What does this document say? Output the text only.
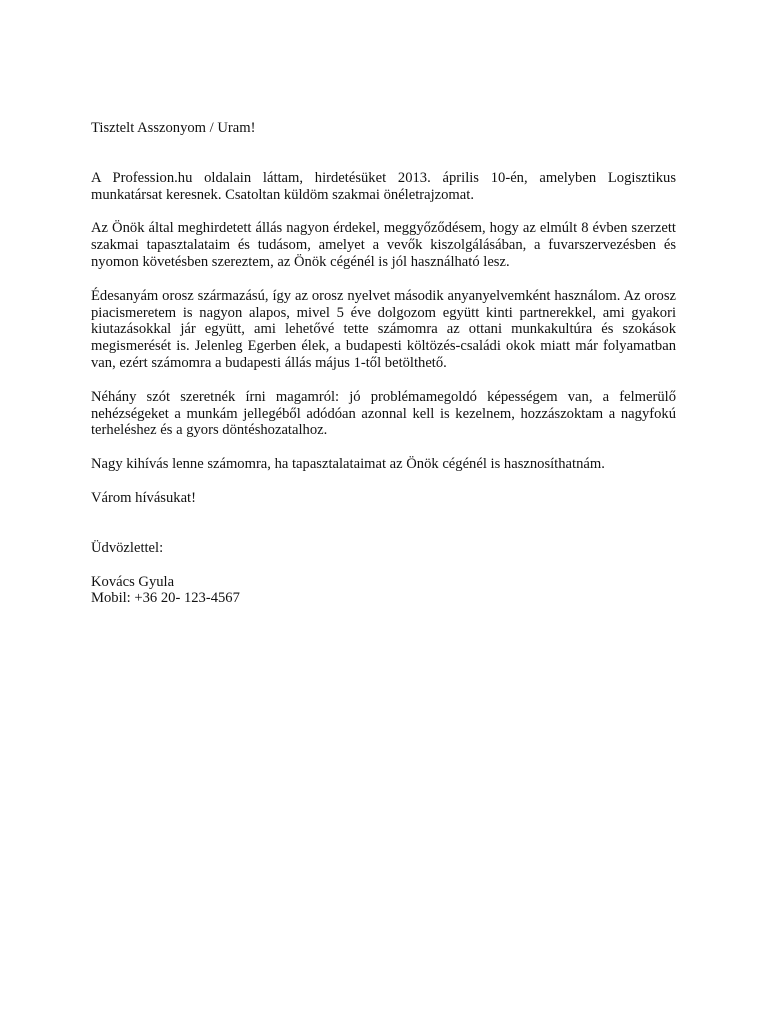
Tisztelt Asszonyom / Uram!

A Profession.hu oldalain láttam, hirdetésüket 2013. április 10-én, amelyben Logisztikus munkatársat keresnek. Csatoltan küldöm szakmai önéletrajzomat.

Az Önök által meghirdetett állás nagyon érdekel, meggyőződésem, hogy az elmúlt 8 évben szerzett szakmai tapasztalataim és tudásom, amelyet a vevők kiszolgálásában, a fuvarszervezésben és nyomon követésben szereztem, az Önök cégénél is jól használható lesz.

Édesanyám orosz származású, így az orosz nyelvet második anyanyelvemként használom. Az orosz piacismeretem is nagyon alapos, mivel 5 éve dolgozom együtt kinti partnerekkel, ami gyakori kiutazásokkal jár együtt, ami lehetővé tette számomra az ottani munkakultúra és szokások megismerését is. Jelenleg Egerben élek, a budapesti költözés-családi okok miatt már folyamatban van, ezért számomra a budapesti állás május 1-től betölthető.

Néhány szót szeretnék írni magamról: jó problémamegoldó képességem van, a felmerülő nehézségeket a munkám jellegéből adódóan azonnal kell is kezelnem, hozzászoktam a nagyfokú terheléshez és a gyors döntéshozatalhoz.

Nagy kihívás lenne számomra, ha tapasztalataimat az Önök cégénél is hasznosíthatnám.

Várom hívásukat!

Üdvözlettel:

Kovács Gyula

Mobil: +36 20- 123-4567
